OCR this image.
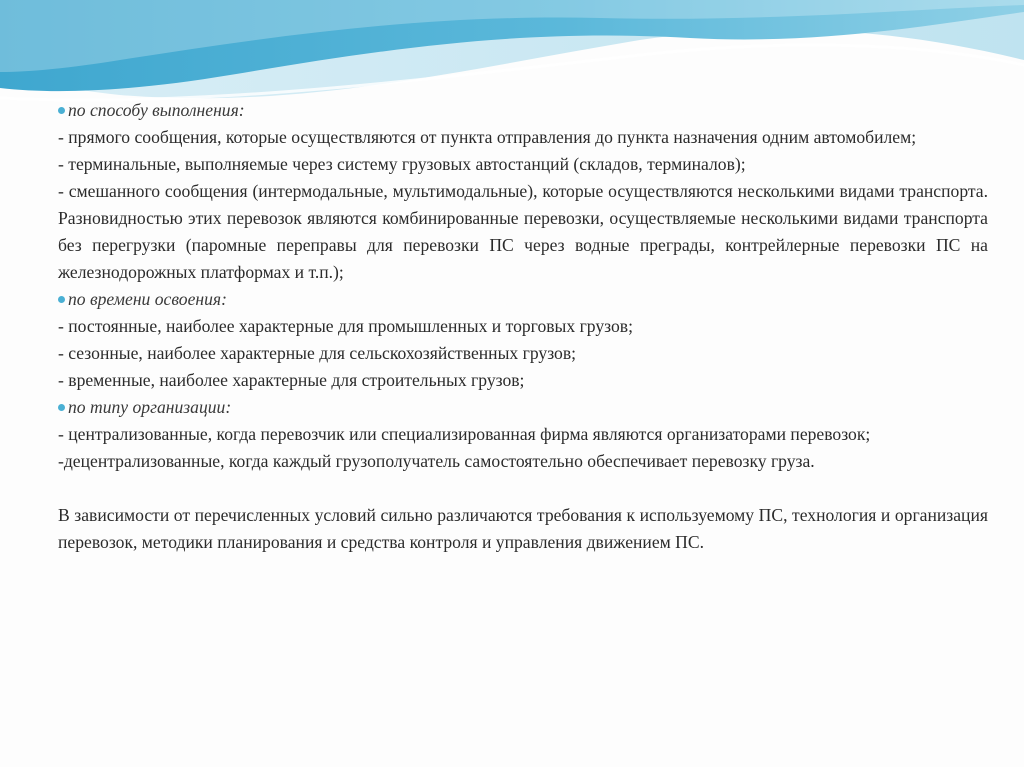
по способу выполнения:

- прямого сообщения, которые осуществляются от пункта отправления до пункта назначения одним автомобилем;

- терминальные, выполняемые через систему грузовых автостанций (складов, терминалов);

- смешанного сообщения (интермодальные, мультимодальные), которые осуществляются несколькими видами транспорта. Разновидностью этих перевозок являются комбинированные перевозки, осуществляемые несколькими видами транспорта без перегрузки (паромные переправы для перевозки ПС через водные преграды, контрейлерные перевозки ПС на железнодорожных платформах и т.п.);

по времени освоения:

- постоянные, наиболее характерные для промышленных и торговых грузов;

- сезонные, наиболее характерные для сельскохозяйственных грузов;

- временные, наиболее характерные для строительных грузов;

по типу организации:

- централизованные, когда перевозчик или специализированная фирма являются организаторами перевозок;

-децентрализованные, когда каждый грузополучатель самостоятельно обеспечивает перевозку груза.

В зависимости от перечисленных условий сильно различаются требования к используемому ПС, технология и организация перевозок, методики планирования и средства контроля и управления движением ПС.
